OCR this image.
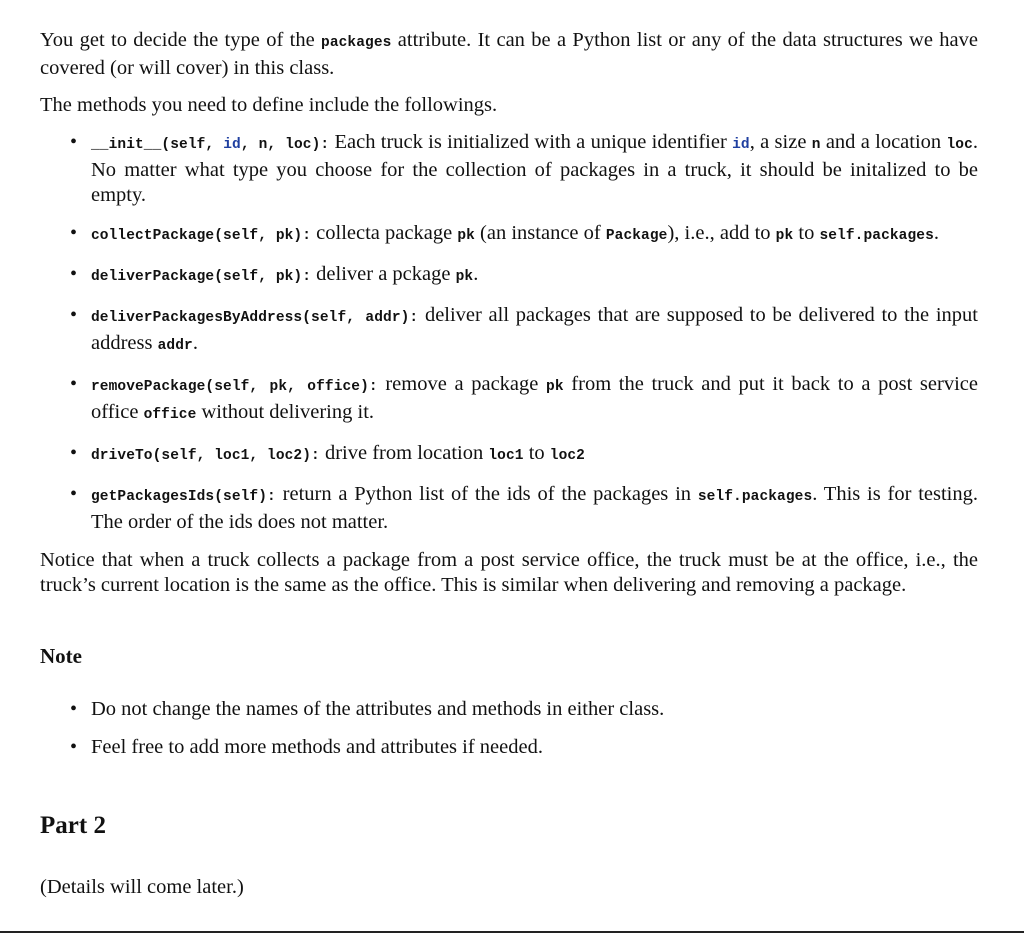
You get to decide the type of the packages attribute. It can be a Python list or any of the data structures we have covered (or will cover) in this class.

The methods you need to define include the followings.

• __init__(self, id, n, loc): Each truck is initialized with a unique identifier id, a size n and a location loc. No matter what type you choose for the collection of packages in a truck, it should be initalized to be empty.
• collectPackage(self, pk): collecta package pk (an instance of Package), i.e., add to pk to self.packages.
• deliverPackage(self, pk): deliver a pckage pk.
• deliverPackagesByAddress(self, addr): deliver all packages that are supposed to be delivered to the input address addr.
• removePackage(self, pk, office): remove a package pk from the truck and put it back to a post service office office without delivering it.
• driveTo(self, loc1, loc2): drive from location loc1 to loc2
• getPackagesIds(self): return a Python list of the ids of the packages in self.packages. This is for testing. The order of the ids does not matter.

Notice that when a truck collects a package from a post service office, the truck must be at the office, i.e., the truck’s current location is the same as the office. This is similar when delivering and removing a package.

Note
• Do not change the names of the attributes and methods in either class.
• Feel free to add more methods and attributes if needed.
Part 2

(Details will come later.)
